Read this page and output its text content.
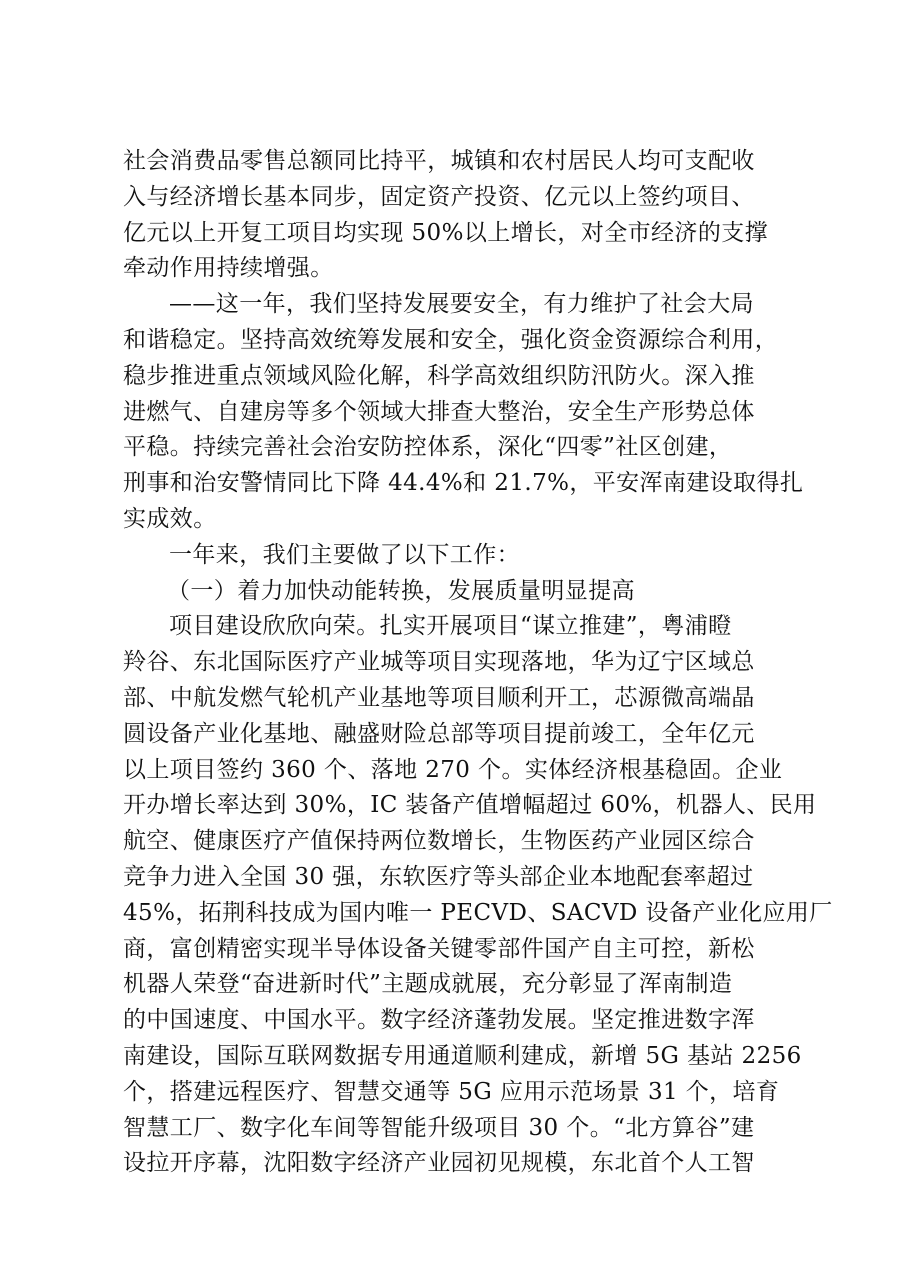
社会消费品零售总额同比持平，城镇和农村居民人均可支配收
入与经济增长基本同步，固定资产投资、亿元以上签约项目、
亿元以上开复工项目均实现 50%以上增长，对全市经济的支撑
牵动作用持续增强。
——这一年，我们坚持发展要安全，有力维护了社会大局
和谐稳定。坚持高效统筹发展和安全，强化资金资源综合利用，
稳步推进重点领域风险化解，科学高效组织防汛防火。深入推
进燃气、自建房等多个领域大排查大整治，安全生产形势总体
平稳。持续完善社会治安防控体系，深化“四零”社区创建，
刑事和治安警情同比下降 44.4%和 21.7%，平安浑南建设取得扎
实成效。
一年来，我们主要做了以下工作：
（一）着力加快动能转换，发展质量明显提高
项目建设欣欣向荣。扎实开展项目“谋立推建”，粤浦瞪
羚谷、东北国际医疗产业城等项目实现落地，华为辽宁区域总
部、中航发燃气轮机产业基地等项目顺利开工，芯源微高端晶
圆设备产业化基地、融盛财险总部等项目提前竣工，全年亿元
以上项目签约 360 个、落地 270 个。实体经济根基稳固。企业
开办增长率达到 30%，IC 装备产值增幅超过 60%，机器人、民用
航空、健康医疗产值保持两位数增长，生物医药产业园区综合
竞争力进入全国 30 强，东软医疗等头部企业本地配套率超过
45%，拓荆科技成为国内唯一 PECVD、SACVD 设备产业化应用厂
商，富创精密实现半导体设备关键零部件国产自主可控，新松
机器人荣登“奋进新时代”主题成就展，充分彰显了浑南制造
的中国速度、中国水平。数字经济蓬勃发展。坚定推进数字浑
南建设，国际互联网数据专用通道顺利建成，新增 5G 基站 2256
个，搭建远程医疗、智慧交通等 5G 应用示范场景 31 个，培育
智慧工厂、数字化车间等智能升级项目 30 个。“北方算谷”建
设拉开序幕，沈阳数字经济产业园初见规模，东北首个人工智
